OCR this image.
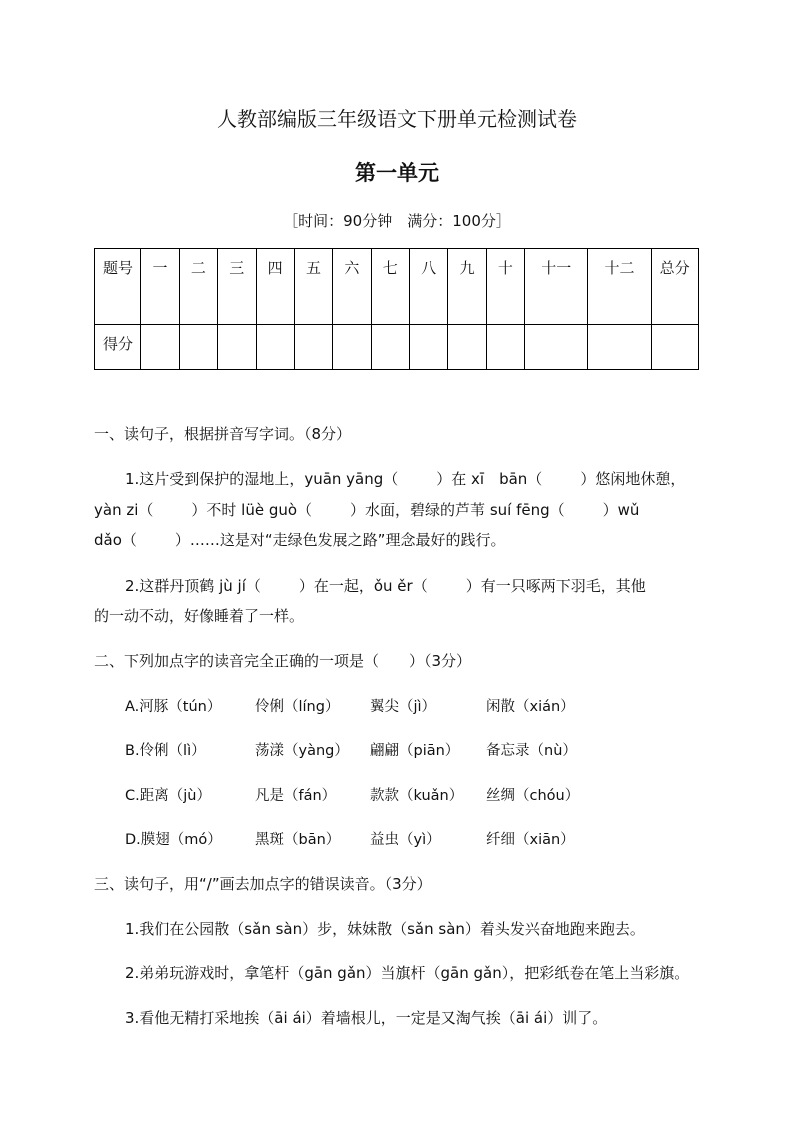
人教部编版三年级语文下册单元检测试卷
第一单元
［时间：90分钟　满分：100分］
题号	一	二	三	四	五	六	七	八	九	十	十一	十二	总分
得分													
一、读句子，根据拼音写字词。（8分）
1.这片受到保护的湿地上，yuān yāng（	）在 xī　bān（	）悠闲地休憩，
yàn zi（	）不时 lüè guò（	）水面，碧绿的芦苇 suí fēng（	）wǔ
dǎo（	）……这是对“走绿色发展之路”理念最好的践行。
2.这群丹顶鹤 jù jí（	）在一起，ǒu ěr（	）有一只啄两下羽毛，其他
的一动不动，好像睡着了一样。
二、下列加点字的读音完全正确的一项是（　　）（3分）
A.河豚（tún） 伶俐（líng） 翼尖（jì）	闲散（xián）
B.伶俐（lì）	荡漾（yàng） 翩翩（piān） 备忘录（nù）
C.距离（jù）	凡是（fán） 款款（kuǎn） 丝绸（chóu）
D.膜翅（mó） 黑斑（bān） 益虫（yì）	纤细（xiān）
三、读句子，用“/”画去加点字的错误读音。（3分）
1.我们在公园散（sǎn sàn）步，妹妹散（sǎn sàn）着头发兴奋地跑来跑去。
2.弟弟玩游戏时，拿笔杆（gān gǎn）当旗杆（gān gǎn），把彩纸卷在笔上当彩旗。
3.看他无精打采地挨（āi ái）着墙根儿，一定是又淘气挨（āi ái）训了。
